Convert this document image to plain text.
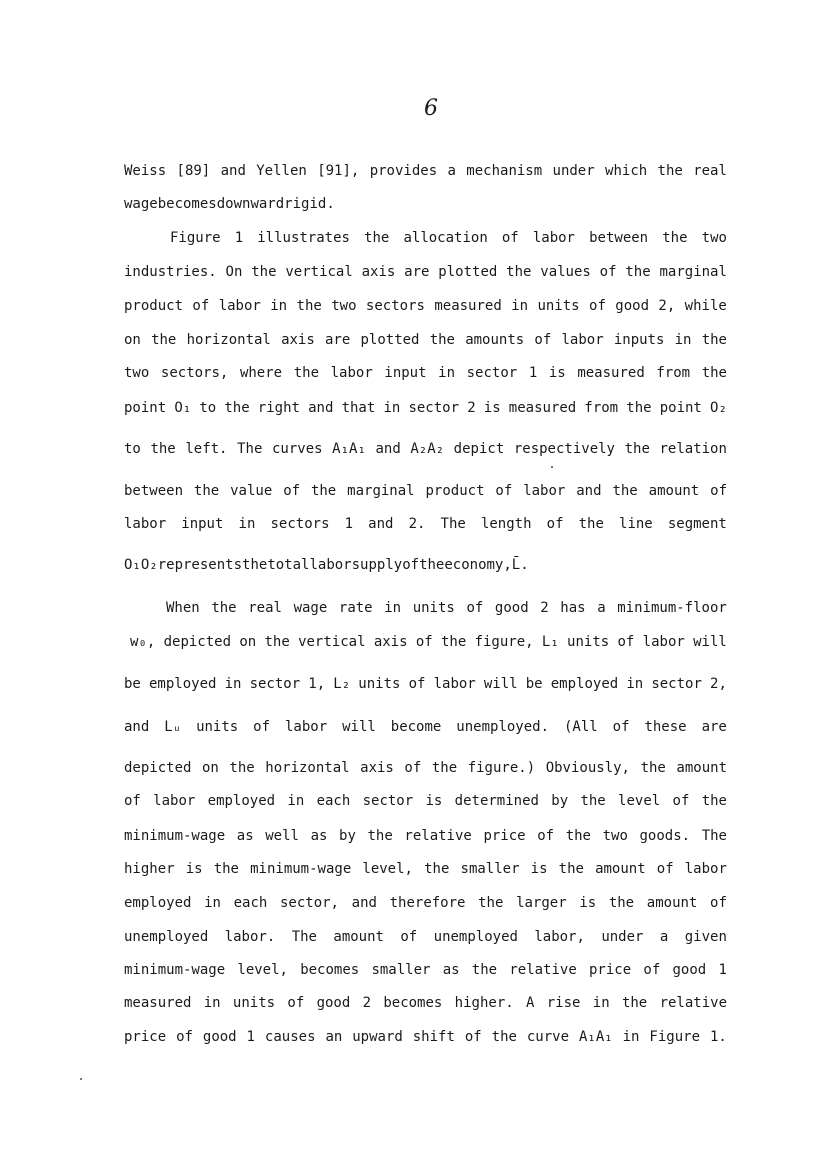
6
Weiss [89] and Yellen [91], provides a mechanism under which the real
wage becomes downward rigid.
Figure 1 illustrates the allocation of labor between the two
industries. On the vertical axis are plotted the values of the marginal
product of labor in the two sectors measured in units of good 2, while
on the horizontal axis are plotted the amounts of labor inputs in the
two sectors, where the labor input in sector 1 is measured from the
point O₁ to the right and that in sector 2 is measured from the point O₂
to the left. The curves A₁A₁ and A₂A₂ depict respectively the relation
between the value of the marginal product of labor and the amount of
labor input in sectors 1 and 2. The length of the line segment
O₁O₂represents the total labor supply of the economy, L̄.
When the real wage rate in units of good 2 has a minimum-floor
w₀, depicted on the vertical axis of the figure, L₁ units of labor will
be employed in sector 1, L₂ units of labor will be employed in sector 2,
and Lᵤ units of labor will become unemployed. (All of these are
depicted on the horizontal axis of the figure.) Obviously, the amount
of labor employed in each sector is determined by the level of the
minimum-wage as well as by the relative price of the two goods. The
higher is the minimum-wage level, the smaller is the amount of labor
employed in each sector, and therefore the larger is the amount of
unemployed labor. The amount of unemployed labor, under a given
minimum-wage level, becomes smaller as the relative price of good 1
measured in units of good 2 becomes higher. A rise in the relative
price of good 1 causes an upward shift of the curve A₁A₁ in Figure 1.
